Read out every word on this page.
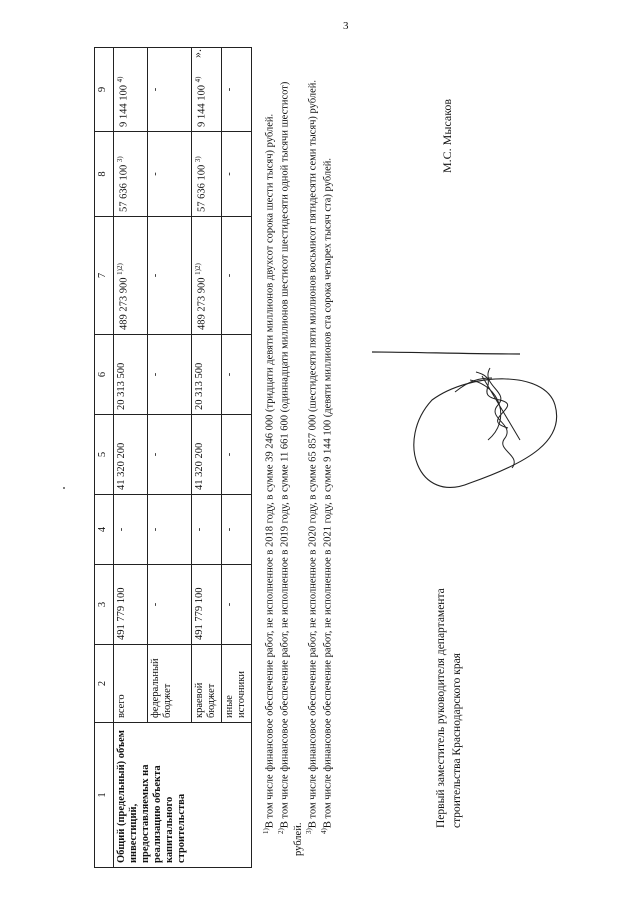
3
1	2	3	4	5	6	7	8	9
Общий (предельный) объем инвестиций, предоставляемых на реализацию объекта капитального строительства	всего	491 779 100	-	41 320 200	20 313 500	489 273 900 $^{1)2)}$	57 636 100 $^{3)}$	9 144 100 $^{4)}$
	федеральный бюджет	-	-	-	-	-	-	-
	краевой бюджет	491 779 100	-	41 320 200	20 313 500	489 273 900 $^{1)2)}$	57 636 100 $^{3)}$	9 144 100 $^{4)}$
	иные источники	-	-	-	-	-	-	-

$^{1)}$В том числе финансовое обеспечение работ, не исполненное в 2018 году, в сумме 39 246 000 (тридцати девяти миллионов двухсот сорока шести тысяч) рублей.

$^{2)}$В том числе финансовое обеспечение работ, не исполненное в 2019 году, в сумме 11 661 600 (одиннадцати миллионов шестисот шестидесяти одной тысячи шестисот) рублей. $^{3)}$В том числе финансовое обеспечение работ, не исполненное в 2020 году, в сумме 65 857 000 (шестидесяти пяти миллионов восьмисот пятидесяти семи тысяч) рублей.

$^{4)}$В том числе финансовое обеспечение работ, не исполненное в 2021 году, в сумме 9 144 100 (девяти миллионов ста сорока четырех тысяч ста) рублей.

».
Первый заместитель руководителя департамента строительства Краснодарского края
М.С. Мысаков
